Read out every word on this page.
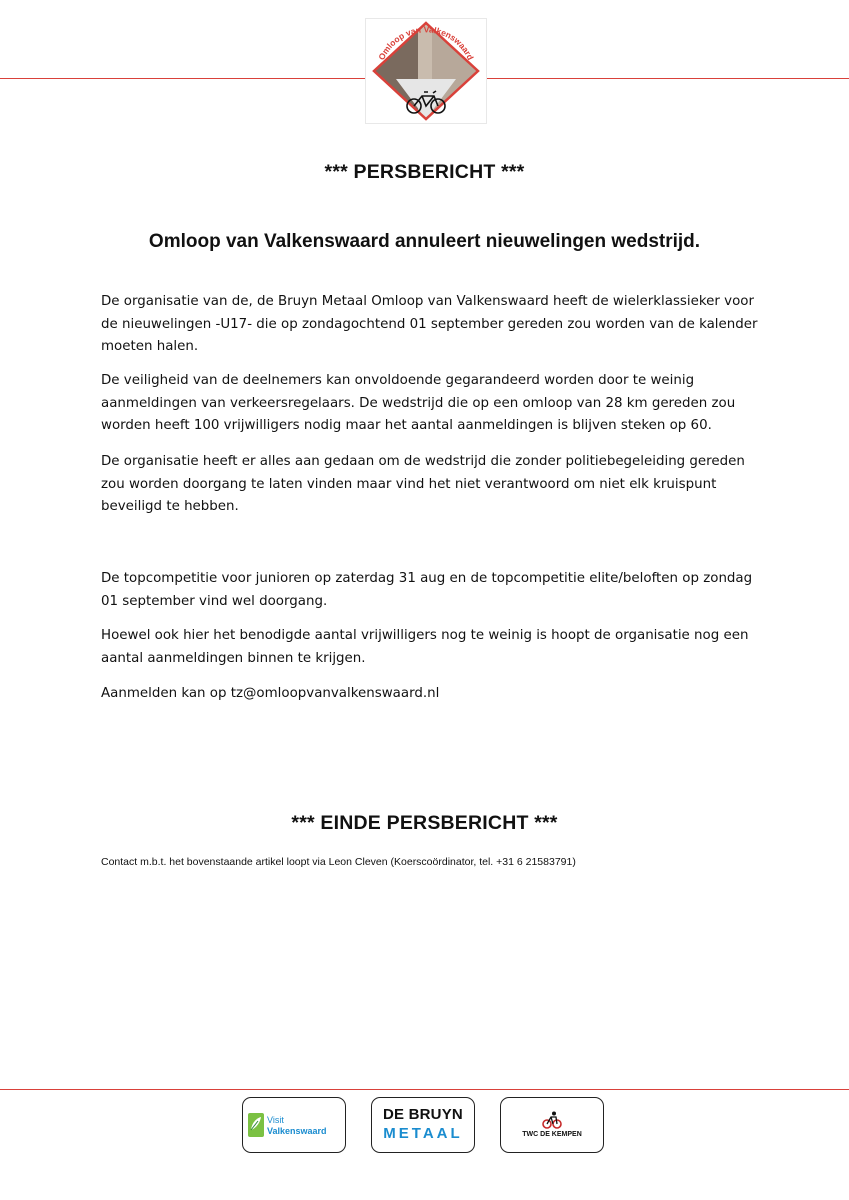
Omloop van Valkenswaard
*** PERSBERICHT ***
Omloop van Valkenswaard annuleert nieuwelingen wedstrijd.

De organisatie van de, de Bruyn Metaal Omloop van Valkenswaard heeft de wielerklassieker voor de nieuwelingen -U17- die op zondagochtend 01 september gereden zou worden van de kalender moeten halen.

De veiligheid van de deelnemers kan onvoldoende gegarandeerd worden door te weinig aanmeldingen van verkeersregelaars. De wedstrijd die op een omloop van 28 km gereden zou worden heeft 100 vrijwilligers nodig maar het aantal aanmeldingen is blijven steken op 60.

De organisatie heeft er alles aan gedaan om de wedstrijd die zonder politiebegeleiding gereden zou worden doorgang te laten vinden maar vind het niet verantwoord om niet elk kruispunt beveiligd te hebben.

De topcompetitie voor junioren op zaterdag 31 aug en de topcompetitie elite/beloften op zondag 01 september vind wel doorgang.

Hoewel ook hier het benodigde aantal vrijwilligers nog te weinig is hoopt de organisatie nog een aantal aanmeldingen binnen te krijgen.

Aanmelden kan op tz@omloopvanvalkenswaard.nl

*** EINDE PERSBERICHT ***

Contact m.b.t. het bovenstaande artikel loopt via Leon Cleven (Koerscoördinator, tel. +31 6 21583791)

Visit
Valkenswaard
DE BRUYN
METAAL	TWC DE KEMPEN
